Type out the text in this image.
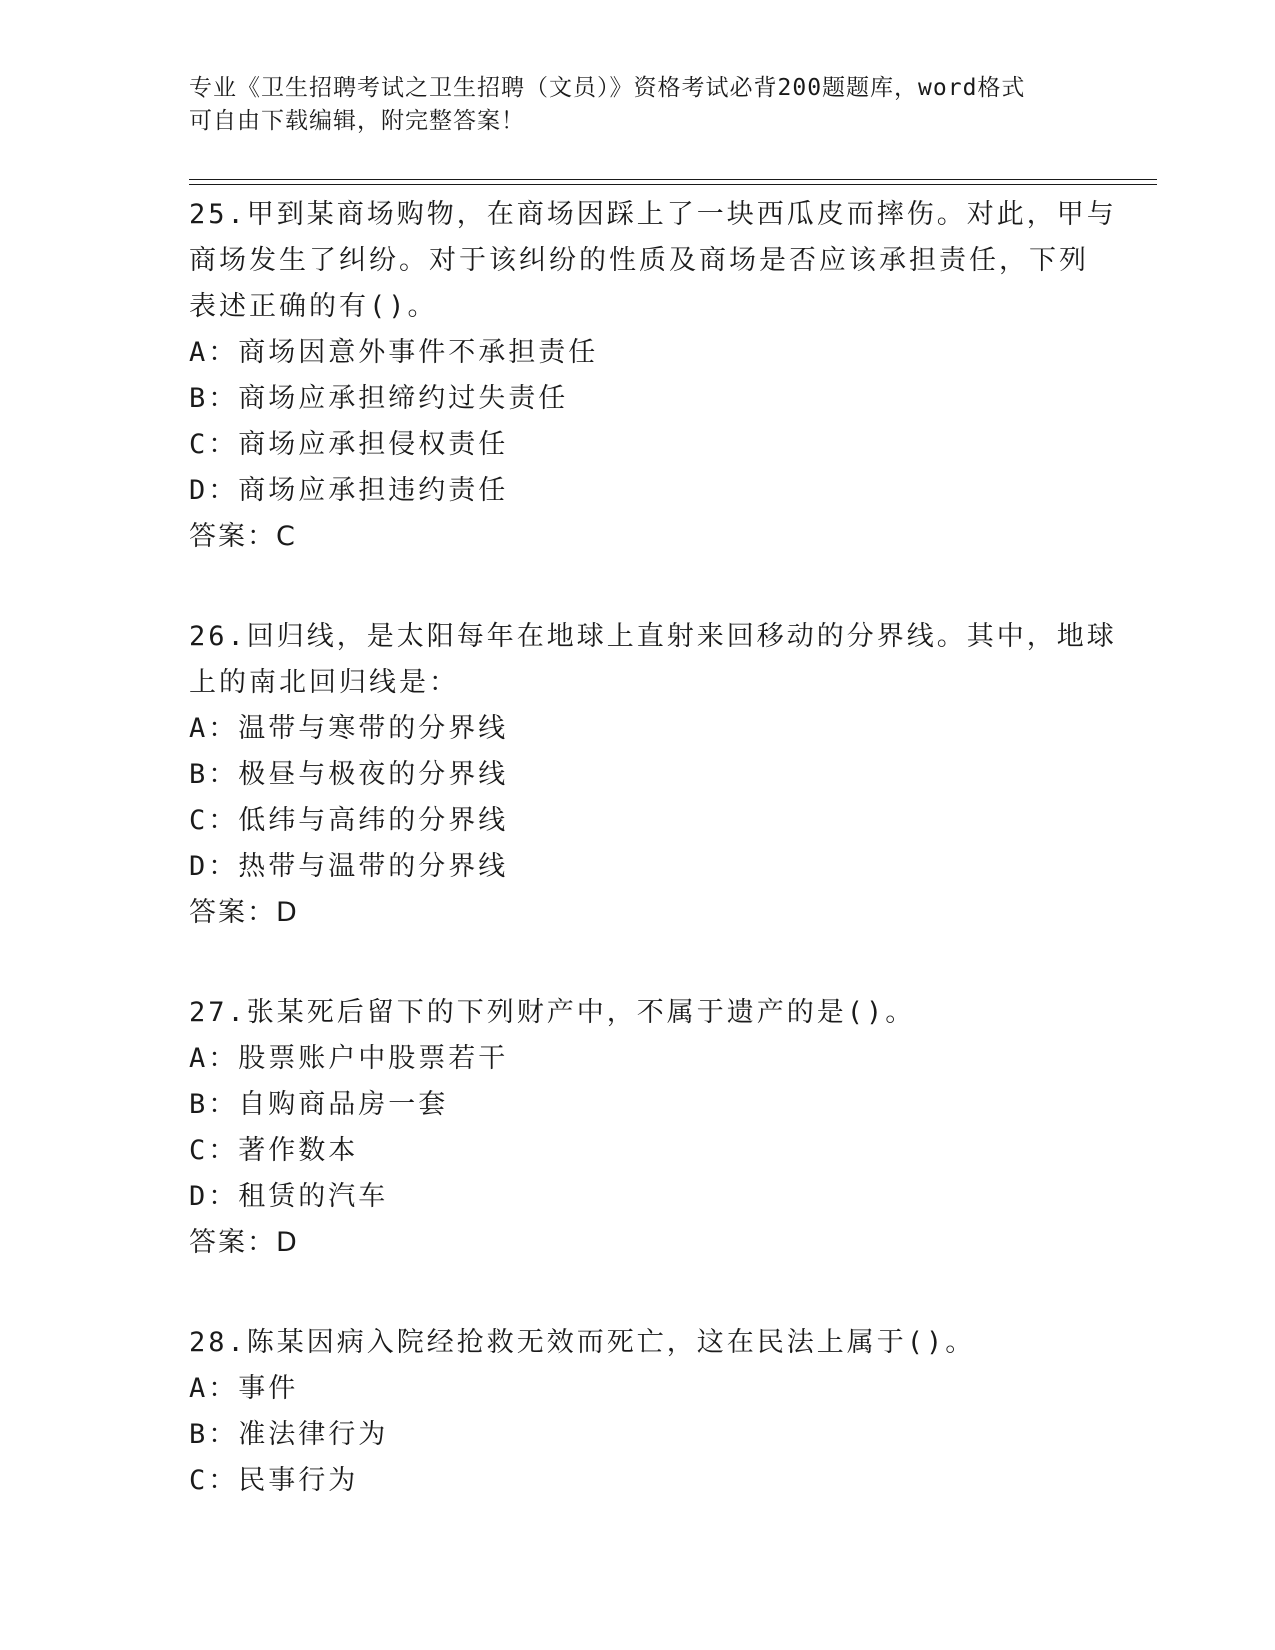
专业《卫生招聘考试之卫生招聘（文员）》资格考试必背200题题库，word格式
可自由下载编辑，附完整答案！
25.甲到某商场购物，在商场因踩上了一块西瓜皮而摔伤。对此，甲与
商场发生了纠纷。对于该纠纷的性质及商场是否应该承担责任，下列
表述正确的有()。
A：商场因意外事件不承担责任
B：商场应承担缔约过失责任
C：商场应承担侵权责任
D：商场应承担违约责任
答案：C
26.回归线，是太阳每年在地球上直射来回移动的分界线。其中，地球
上的南北回归线是：
A：温带与寒带的分界线
B：极昼与极夜的分界线
C：低纬与高纬的分界线
D：热带与温带的分界线
答案：D
27.张某死后留下的下列财产中，不属于遗产的是()。
A：股票账户中股票若干
B：自购商品房一套
C：著作数本
D：租赁的汽车
答案：D
28.陈某因病入院经抢救无效而死亡，这在民法上属于()。
A：事件
B：准法律行为
C：民事行为
